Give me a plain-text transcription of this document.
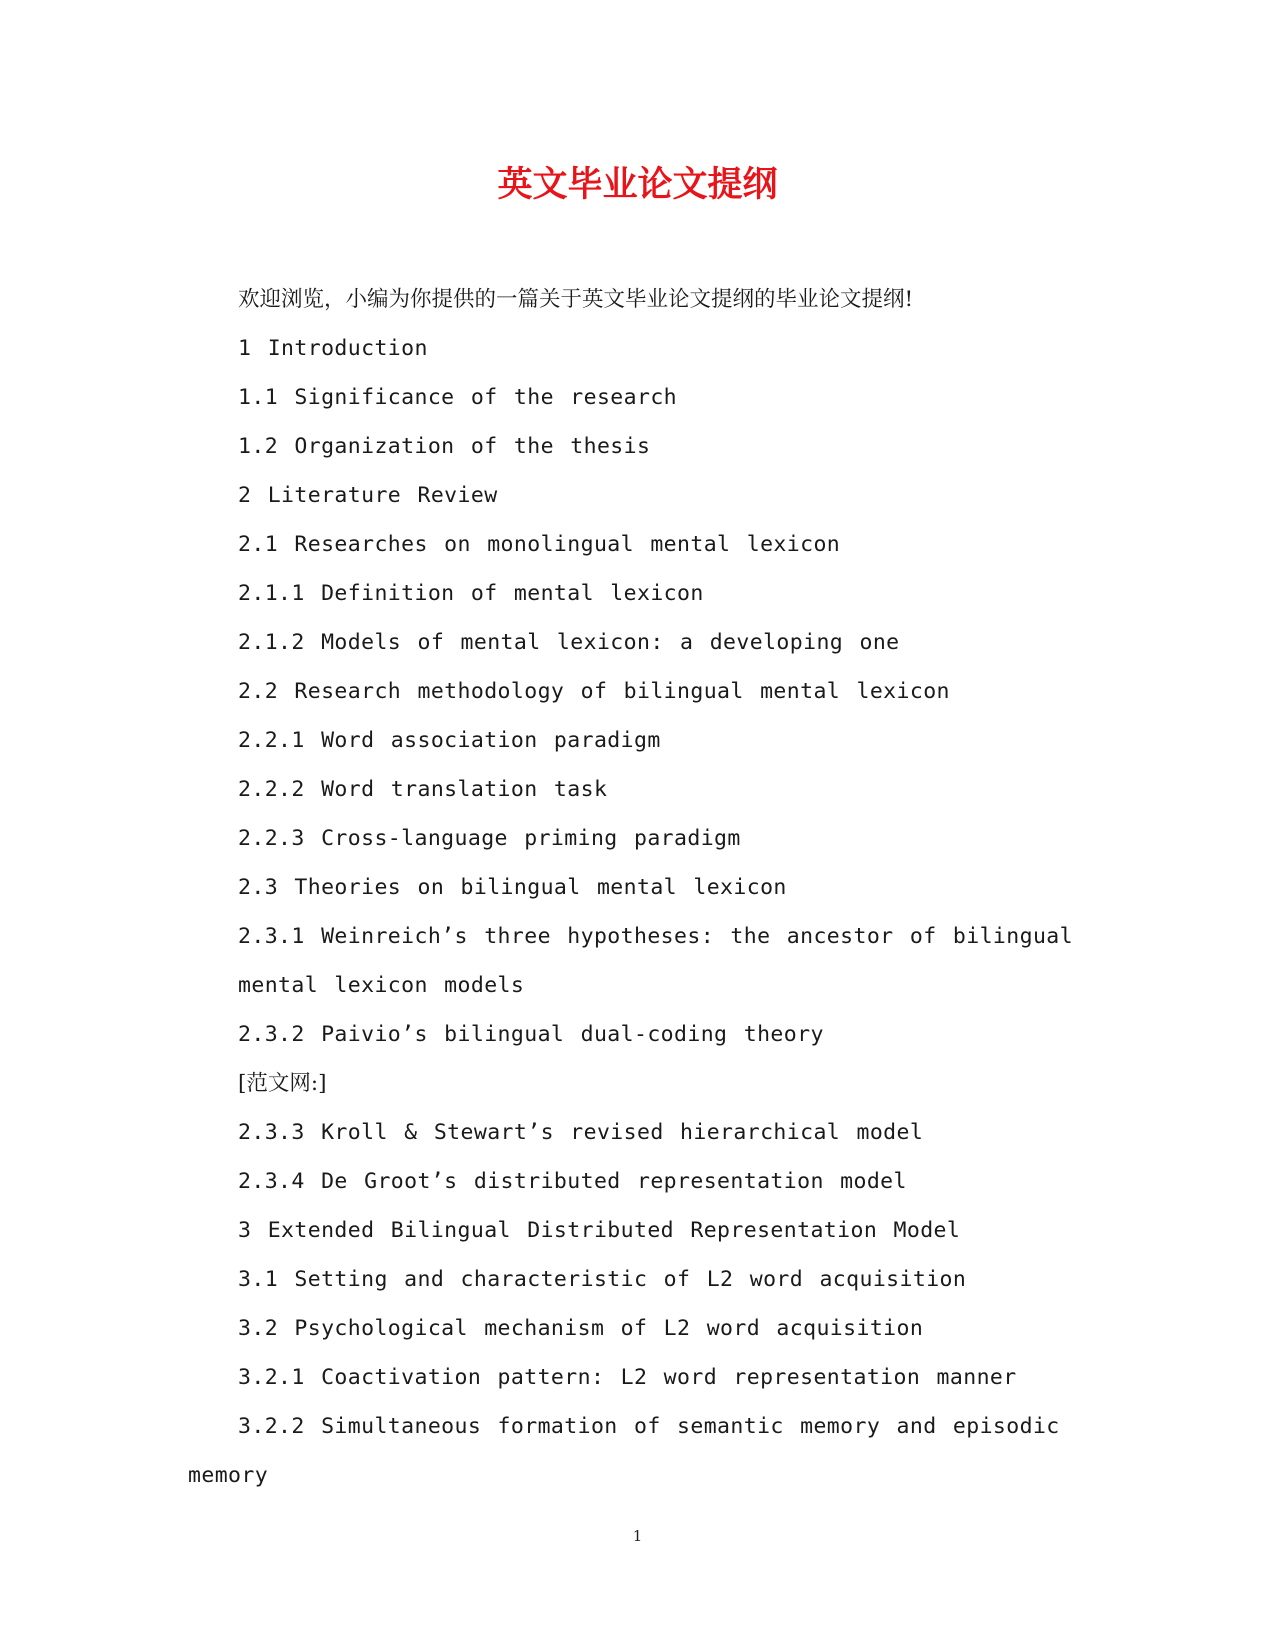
英文毕业论文提纲
欢迎浏览，小编为你提供的一篇关于英文毕业论文提纲的毕业论文提纲!
1 Introduction
1.1 Significance of the research
1.2 Organization of the thesis
2 Literature Review
2.1 Researches on monolingual mental lexicon
2.1.1 Definition of mental lexicon
2.1.2 Models of mental lexicon: a developing one
2.2 Research methodology of bilingual mental lexicon
2.2.1 Word association paradigm
2.2.2 Word translation task
2.2.3 Cross-language priming paradigm
2.3 Theories on bilingual mental lexicon
2.3.1 Weinreich’s three hypotheses: the ancestor of bilingual
mental lexicon models
2.3.2 Paivio’s bilingual dual-coding theory
[范文网:]
2.3.3 Kroll & Stewart’s revised hierarchical model
2.3.4 De Groot’s distributed representation model
3 Extended Bilingual Distributed Representation Model
3.1 Setting and characteristic of L2 word acquisition
3.2 Psychological mechanism of L2 word acquisition
3.2.1 Coactivation pattern: L2 word representation manner
3.2.2 Simultaneous formation of semantic memory and episodic
memory
1
